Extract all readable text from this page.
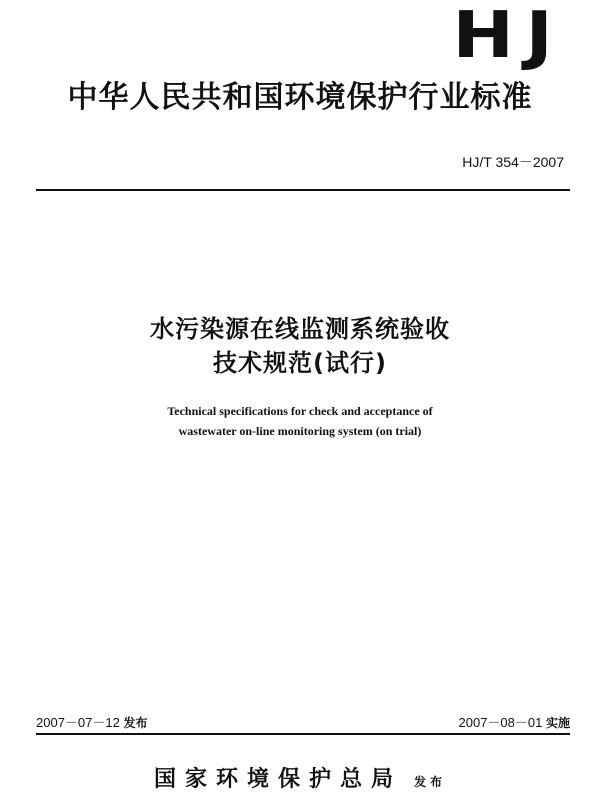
HJ
中华人民共和国环境保护行业标准
HJ/T 354－2007
水污染源在线监测系统验收
技术规范(试行)
Technical specifications for check and acceptance of
wastewater on-line monitoring system (on trial)
2007－07－12 发布	2007－08－01 实施
国家环境保护总局 发布
